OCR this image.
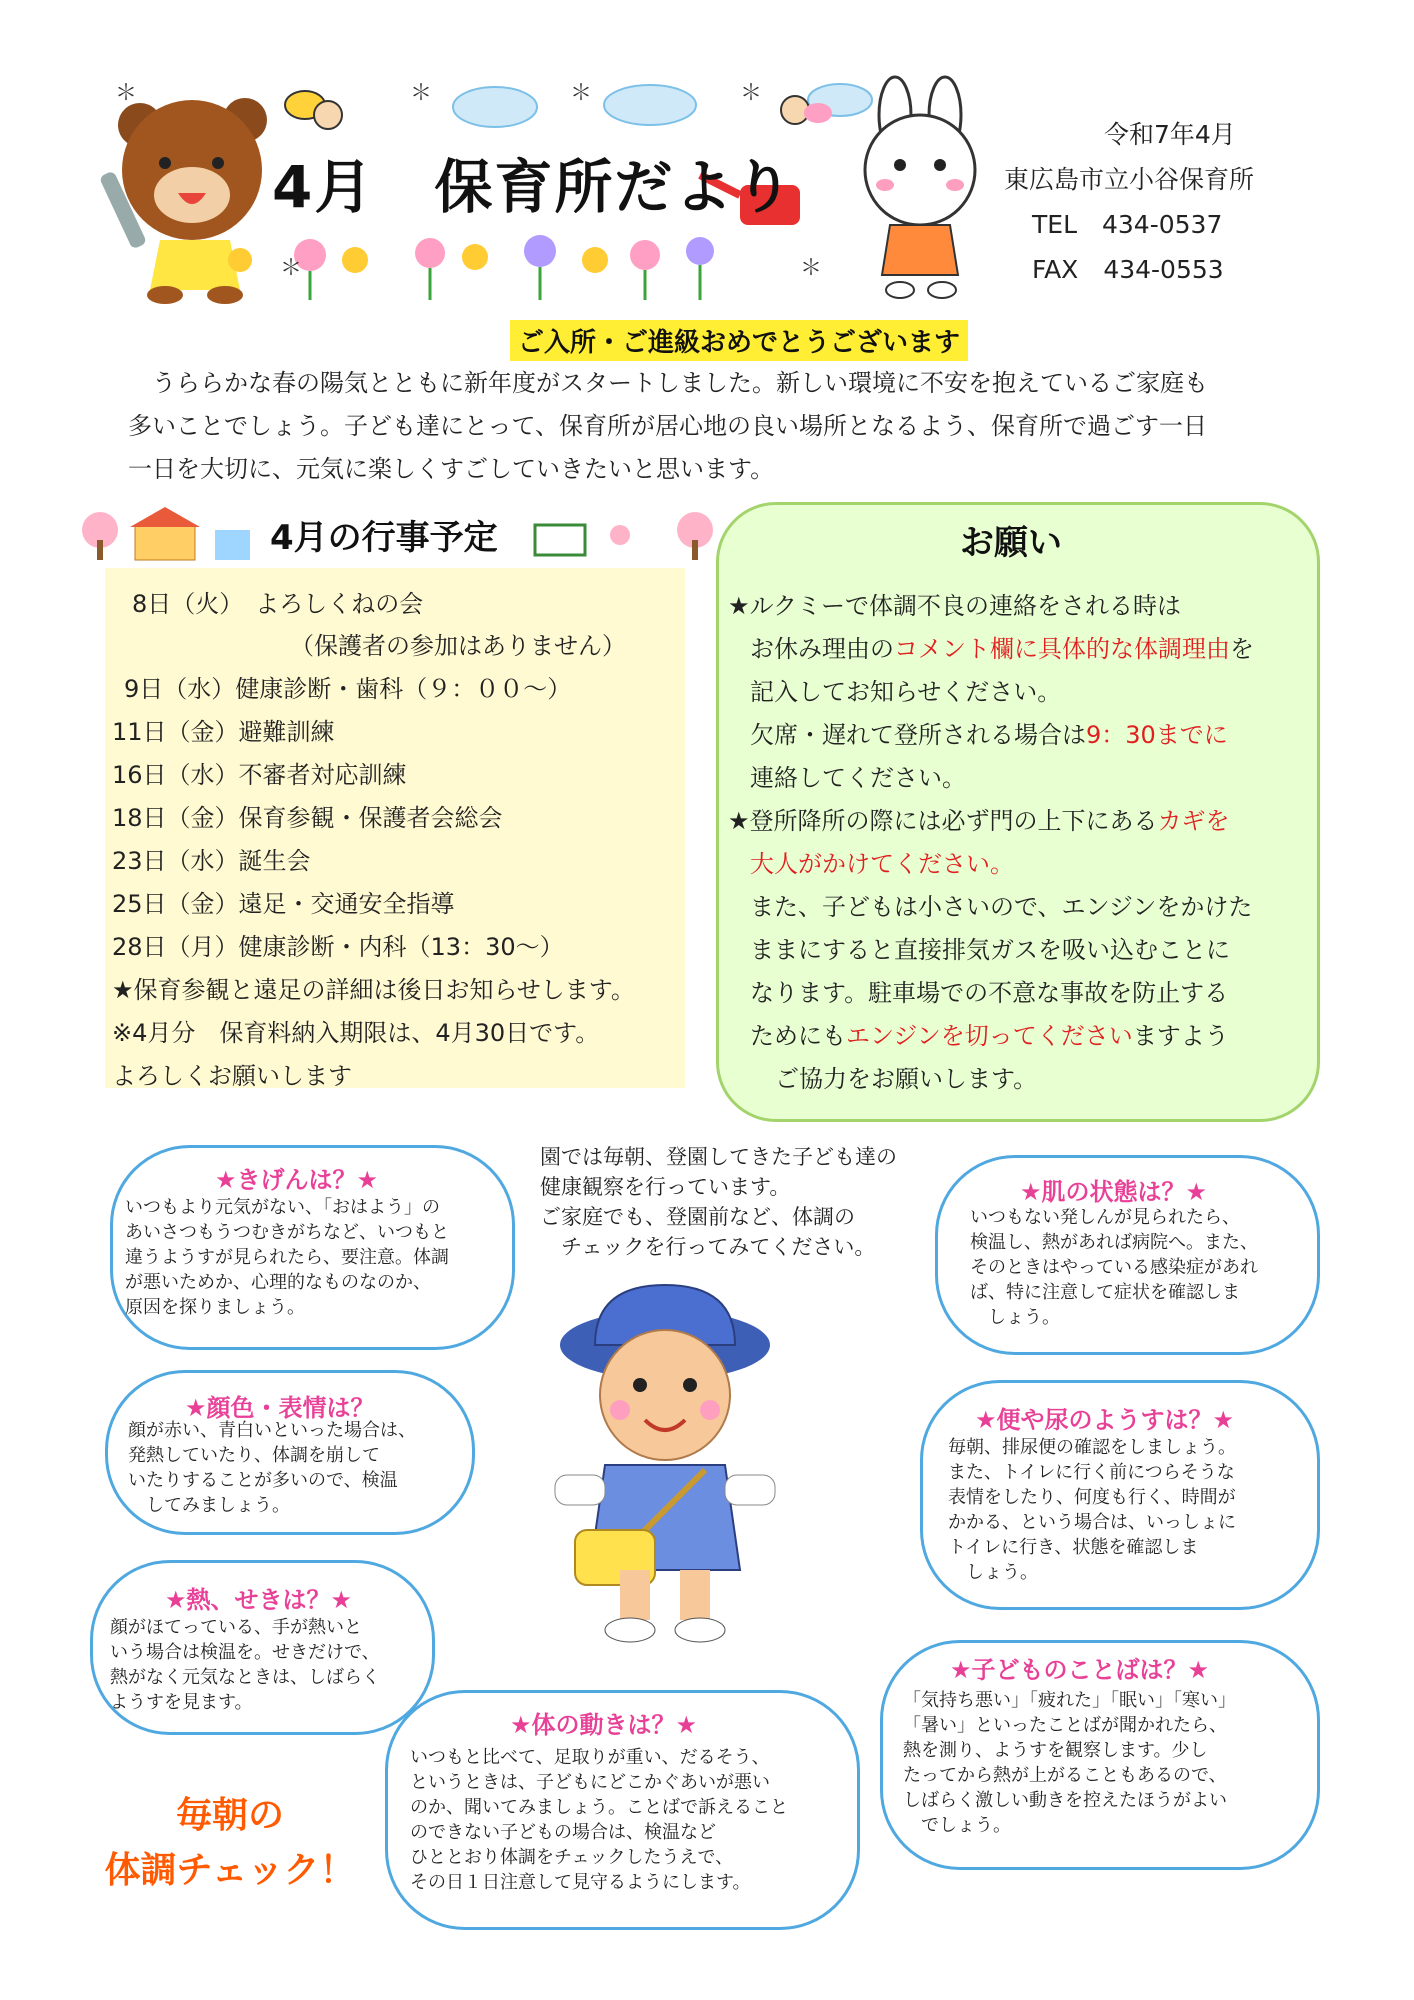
＊	＊	＊	＊
＊	＊
4月　保育所だより
令和7年4月
東広島市立小谷保育所
TEL　434-0537
FAX　434-0553
ご入所・ご進級おめでとうございます

うららかな春の陽気とともに新年度がスタートしました。新しい環境に不安を抱えているご家庭も

多いことでしょう。子ども達にとって、保育所が居心地の良い場所となるよう、保育所で過ごす一日

一日を大切に、元気に楽しくすごしていきたいと思います。

4月の行事予定
8日（火）　よろしくねの会
（保護者の参加はありません）
9日（水）健康診断・歯科（９：００～）
11日（金）避難訓練
16日（水）不審者対応訓練
18日（金）保育参観・保護者会総会
23日（水）誕生会
25日（金）遠足・交通安全指導
28日（月）健康診断・内科（13：30～）
★保育参観と遠足の詳細は後日お知らせします。
※4月分　保育料納入期限は、4月30日です。
よろしくお願いします
お願い
★ルクミーで体調不良の連絡をされる時は
お休み理由のコメント欄に具体的な体調理由を
記入してお知らせください。
欠席・遅れて登所される場合は9：30までに
連絡してください。
★登所降所の際には必ず門の上下にあるカギを
大人がかけてください。
また、子どもは小さいので、エンジンをかけた
ままにすると直接排気ガスを吸い込むことに
なります。駐車場での不意な事故を防止する
ためにもエンジンを切ってくださいますよう
ご協力をお願いします。
園では毎朝、登園してきた子ども達の
健康観察を行っています。
ご家庭でも、登園前など、体調の
　チェックを行ってみてください。
★きげんは？★
いつもより元気がない、「おはよう」の
あいさつもうつむきがちなど、いつもと
違うようすが見られたら、要注意。体調
が悪いためか、心理的なものなのか、
原因を探りましょう。
★顔色・表情は？
顔が赤い、青白いといった場合は、
発熱していたり、体調を崩して
いたりすることが多いので、検温
　してみましょう。
★熱、せきは？★
顔がほてっている、手が熱いと
いう場合は検温を。せきだけで、
熱がなく元気なときは、しばらく
ようすを見ます。
★体の動きは？★
いつもと比べて、足取りが重い、だるそう、
というときは、子どもにどこかぐあいが悪い
のか、聞いてみましょう。ことばで訴えること
のできない子どもの場合は、検温など
ひととおり体調をチェックしたうえで、
その日１日注意して見守るようにします。
★肌の状態は？★
いつもない発しんが見られたら、
検温し、熱があれば病院へ。また、
そのときはやっている感染症があれ
ば、特に注意して症状を確認しま
　しょう。
★便や尿のようすは？★
毎朝、排尿便の確認をしましょう。
また、トイレに行く前につらそうな
表情をしたり、何度も行く、時間が
かかる、という場合は、いっしょに
トイレに行き、状態を確認しま
　しょう。
★子どものことばは？★
「気持ち悪い」「疲れた」「眠い」「寒い」
「暑い」といったことばが聞かれたら、
熱を測り、ようすを観察します。少し
たってから熱が上がることもあるので、
しばらく激しい動きを控えたほうがよい
　でしょう。
毎朝の
体調チェック！
